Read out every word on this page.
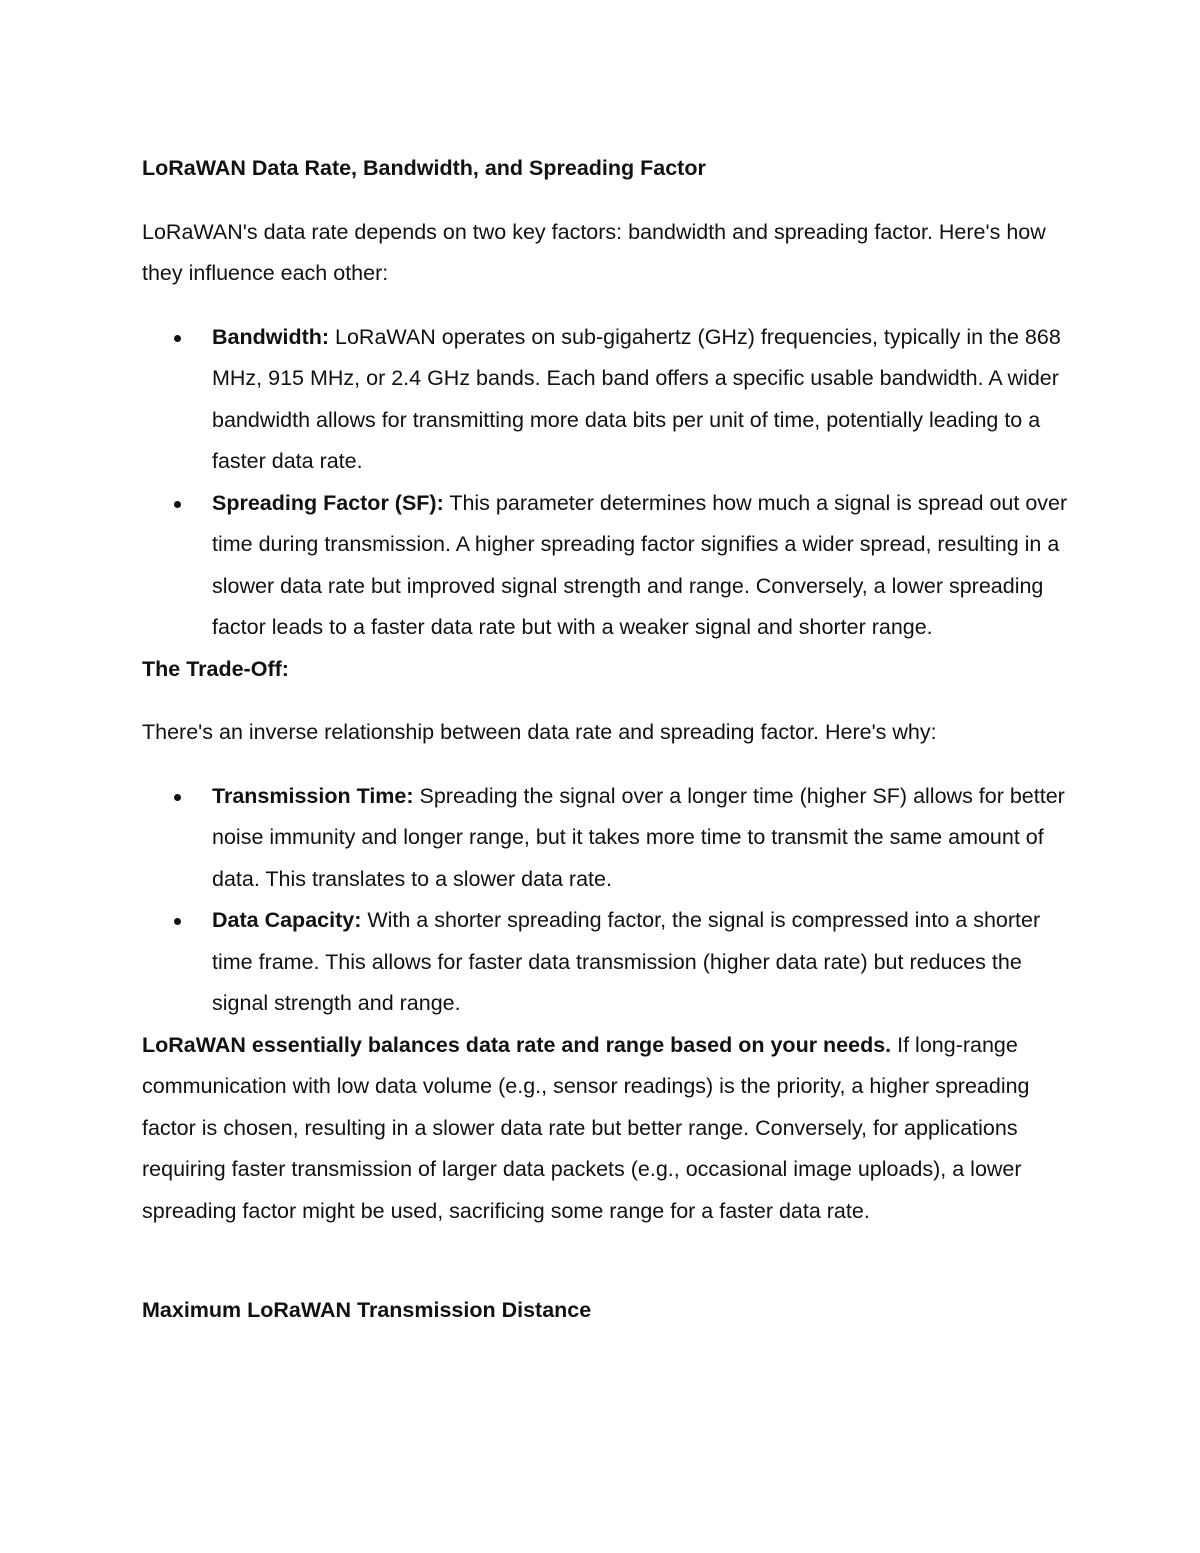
LoRaWAN Data Rate, Bandwidth, and Spreading Factor

LoRaWAN's data rate depends on two key factors: bandwidth and spreading factor. Here's how they influence each other:

Bandwidth: LoRaWAN operates on sub-gigahertz (GHz) frequencies, typically in the 868 MHz, 915 MHz, or 2.4 GHz bands. Each band offers a specific usable bandwidth. A wider bandwidth allows for transmitting more data bits per unit of time, potentially leading to a faster data rate.
Spreading Factor (SF): This parameter determines how much a signal is spread out over time during transmission. A higher spreading factor signifies a wider spread, resulting in a slower data rate but improved signal strength and range. Conversely, a lower spreading factor leads to a faster data rate but with a weaker signal and shorter range.

The Trade-Off:

There's an inverse relationship between data rate and spreading factor. Here's why:

Transmission Time: Spreading the signal over a longer time (higher SF) allows for better noise immunity and longer range, but it takes more time to transmit the same amount of data. This translates to a slower data rate.
Data Capacity: With a shorter spreading factor, the signal is compressed into a shorter time frame. This allows for faster data transmission (higher data rate) but reduces the signal strength and range.

LoRaWAN essentially balances data rate and range based on your needs. If long-range communication with low data volume (e.g., sensor readings) is the priority, a higher spreading factor is chosen, resulting in a slower data rate but better range. Conversely, for applications requiring faster transmission of larger data packets (e.g., occasional image uploads), a lower spreading factor might be used, sacrificing some range for a faster data rate.

Maximum LoRaWAN Transmission Distance
